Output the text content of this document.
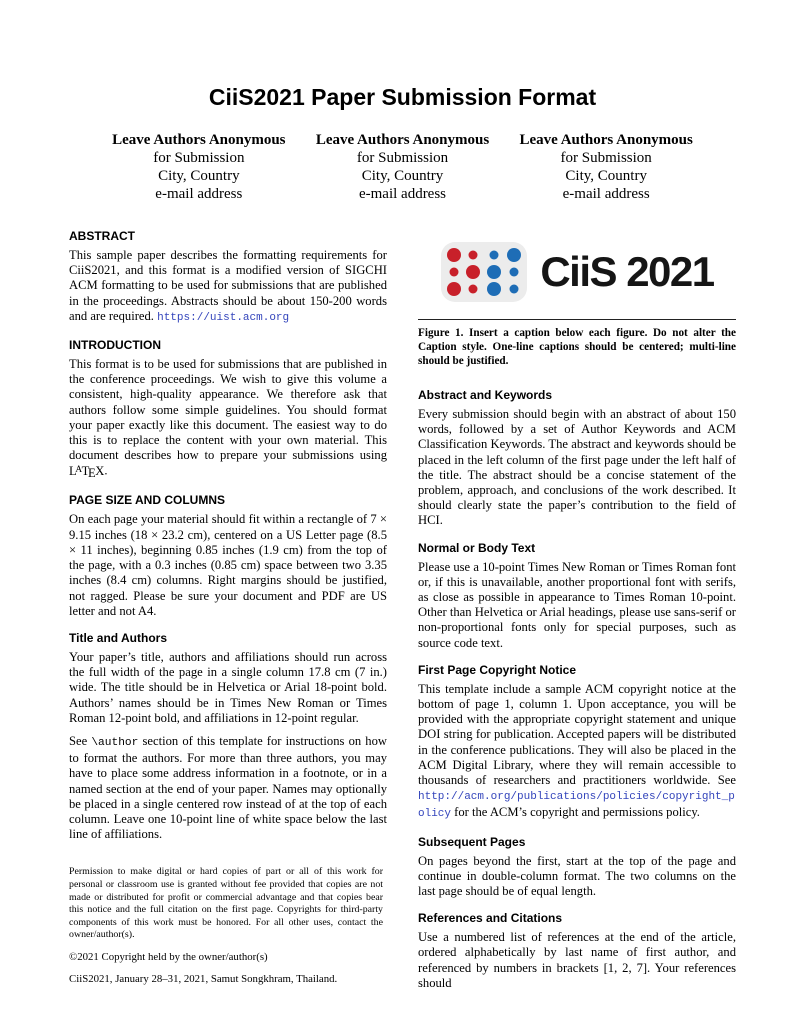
CiiS2021 Paper Submission Format
Leave Authors Anonymous
for Submission
City, Country
e-mail address
Leave Authors Anonymous
for Submission
City, Country
e-mail address
Leave Authors Anonymous
for Submission
City, Country
e-mail address
ABSTRACT

This sample paper describes the formatting requirements for CiiS2021, and this format is a modified version of SIGCHI ACM formatting to be used for submissions that are published in the proceedings. Abstracts should be about 150-200 words and are required. https://uist.acm.org

INTRODUCTION

This format is to be used for submissions that are published in the conference proceedings. We wish to give this volume a consistent, high-quality appearance. We therefore ask that authors follow some simple guidelines. You should format your paper exactly like this document. The easiest way to do this is to replace the content with your own material. This document describes how to prepare your submissions using LATEX.

PAGE SIZE AND COLUMNS

On each page your material should fit within a rectangle of 7 × 9.15 inches (18 × 23.2 cm), centered on a US Letter page (8.5 × 11 inches), beginning 0.85 inches (1.9 cm) from the top of the page, with a 0.3 inches (0.85 cm) space between two 3.35 inches (8.4 cm) columns. Right margins should be justified, not ragged. Please be sure your document and PDF are US letter and not A4.

Title and Authors

Your paper’s title, authors and affiliations should run across the full width of the page in a single column 17.8 cm (7 in.) wide. The title should be in Helvetica or Arial 18-point bold. Authors’ names should be in Times New Roman or Times Roman 12-point bold, and affiliations in 12-point regular.

See \author section of this template for instructions on how to format the authors. For more than three authors, you may have to place some address information in a footnote, or in a named section at the end of your paper. Names may optionally be placed in a single centered row instead of at the top of each column. Leave one 10-point line of white space below the last line of affiliations.

Permission to make digital or hard copies of part or all of this work for personal or classroom use is granted without fee provided that copies are not made or distributed for profit or commercial advantage and that copies bear this notice and the full citation on the first page. Copyrights for third-party components of this work must be honored. For all other uses, contact the owner/author(s).

©2021 Copyright held by the owner/author(s)

CiiS2021, January 28–31, 2021, Samut Songkhram, Thailand.

CiiS 2021
Figure 1. Insert a caption below each figure. Do not alter the Caption style. One-line captions should be centered; multi-line should be justified.
Abstract and Keywords

Every submission should begin with an abstract of about 150 words, followed by a set of Author Keywords and ACM Classification Keywords. The abstract and keywords should be placed in the left column of the first page under the left half of the title. The abstract should be a concise statement of the problem, approach, and conclusions of the work described. It should clearly state the paper’s contribution to the field of HCI.

Normal or Body Text

Please use a 10-point Times New Roman or Times Roman font or, if this is unavailable, another proportional font with serifs, as close as possible in appearance to Times Roman 10-point. Other than Helvetica or Arial headings, please use sans-serif or non-proportional fonts only for special purposes, such as source code text.

First Page Copyright Notice

This template include a sample ACM copyright notice at the bottom of page 1, column 1. Upon acceptance, you will be provided with the appropriate copyright statement and unique DOI string for publication. Accepted papers will be distributed in the conference publications. They will also be placed in the ACM Digital Library, where they will remain accessible to thousands of researchers and practitioners worldwide. See http://acm.org/publications/policies/copyright_policy for the ACM’s copyright and permissions policy.

Subsequent Pages

On pages beyond the first, start at the top of the page and continue in double-column format. The two columns on the last page should be of equal length.

References and Citations

Use a numbered list of references at the end of the article, ordered alphabetically by last name of first author, and referenced by numbers in brackets [1, 2, 7]. Your references should
